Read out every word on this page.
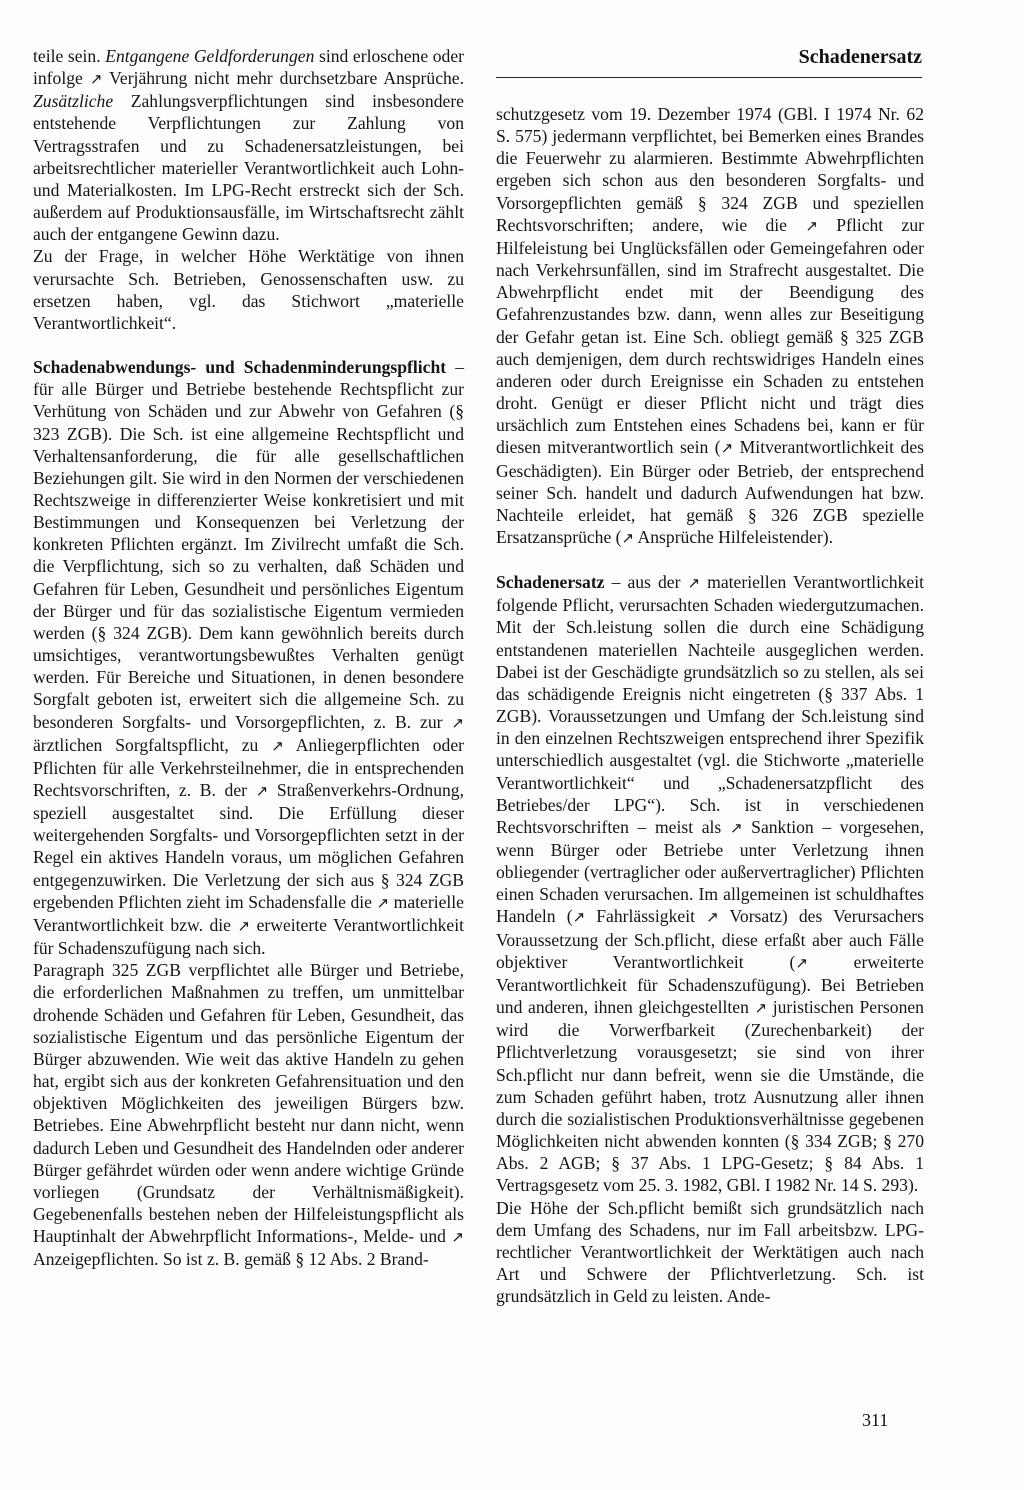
Schadenersatz

teile sein. Entgangene Geldforderungen sind erloschene oder infolge ↗ Verjährung nicht mehr durchsetzbare Ansprüche. Zusätzliche Zahlungsverpflichtungen sind insbesondere entstehende Verpflichtungen zur Zahlung von Vertragsstrafen und zu Schadenersatzleistungen, bei arbeitsrechtlicher materieller Verantwortlichkeit auch Lohn- und Materialkosten. Im LPG-Recht erstreckt sich der Sch. außerdem auf Produktionsausfälle, im Wirtschaftsrecht zählt auch der entgangene Gewinn dazu.

Zu der Frage, in welcher Höhe Werktätige von ihnen verursachte Sch. Betrieben, Genossenschaften usw. zu ersetzen haben, vgl. das Stichwort „materielle Verantwortlichkeit“.

Schadenabwendungs- und Schadenminderungspflicht – für alle Bürger und Betriebe bestehende Rechtspflicht zur Verhütung von Schäden und zur Abwehr von Gefahren (§ 323 ZGB). Die Sch. ist eine allgemeine Rechtspflicht und Verhaltensanforderung, die für alle gesellschaftlichen Beziehungen gilt. Sie wird in den Normen der verschiedenen Rechtszweige in differenzierter Weise konkretisiert und mit Bestimmungen und Konsequenzen bei Verletzung der konkreten Pflichten ergänzt. Im Zivilrecht umfaßt die Sch. die Verpflichtung, sich so zu verhalten, daß Schäden und Gefahren für Leben, Gesundheit und persönliches Eigentum der Bürger und für das sozialistische Eigentum vermieden werden (§ 324 ZGB). Dem kann gewöhnlich bereits durch umsichtiges, verantwortungsbewußtes Verhalten genügt werden. Für Bereiche und Situationen, in denen besondere Sorgfalt geboten ist, erweitert sich die allgemeine Sch. zu besonderen Sorgfalts- und Vorsorgepflichten, z. B. zur ↗ ärztlichen Sorgfaltspflicht, zu ↗ Anliegerpflichten oder Pflichten für alle Verkehrsteilnehmer, die in entsprechenden Rechtsvorschriften, z. B. der ↗ Straßenverkehrs-Ordnung, speziell ausgestaltet sind. Die Erfüllung dieser weitergehenden Sorgfalts- und Vorsorgepflichten setzt in der Regel ein aktives Handeln voraus, um möglichen Gefahren entgegenzuwirken. Die Verletzung der sich aus § 324 ZGB ergebenden Pflichten zieht im Schadensfalle die ↗ materielle Verantwortlichkeit bzw. die ↗ erweiterte Verantwortlichkeit für Schadenszufügung nach sich.

Paragraph 325 ZGB verpflichtet alle Bürger und Betriebe, die erforderlichen Maßnahmen zu treffen, um unmittelbar drohende Schäden und Gefahren für Leben, Gesundheit, das sozialistische Eigentum und das persönliche Eigentum der Bürger abzuwenden. Wie weit das aktive Handeln zu gehen hat, ergibt sich aus der konkreten Gefahrensituation und den objektiven Möglichkeiten des jeweiligen Bürgers bzw. Betriebes. Eine Abwehrpflicht besteht nur dann nicht, wenn dadurch Leben und Gesundheit des Handelnden oder anderer Bürger gefährdet würden oder wenn andere wichtige Gründe vorliegen (Grundsatz der Verhältnismäßigkeit). Gegebenenfalls bestehen neben der Hilfeleistungspflicht als Hauptinhalt der Abwehrpflicht Informations-, Melde- und ↗ Anzeigepflichten. So ist z. B. gemäß § 12 Abs. 2 Brand-

schutzgesetz vom 19. Dezember 1974 (GBl. I 1974 Nr. 62 S. 575) jedermann verpflichtet, bei Bemerken eines Brandes die Feuerwehr zu alarmieren. Bestimmte Abwehrpflichten ergeben sich schon aus den besonderen Sorgfalts- und Vorsorgepflichten gemäß § 324 ZGB und speziellen Rechtsvorschriften; andere, wie die ↗ Pflicht zur Hilfeleistung bei Unglücksfällen oder Gemeingefahren oder nach Verkehrsunfällen, sind im Strafrecht ausgestaltet. Die Abwehrpflicht endet mit der Beendigung des Gefahrenzustandes bzw. dann, wenn alles zur Beseitigung der Gefahr getan ist. Eine Sch. obliegt gemäß § 325 ZGB auch demjenigen, dem durch rechtswidriges Handeln eines anderen oder durch Ereignisse ein Schaden zu entstehen droht. Genügt er dieser Pflicht nicht und trägt dies ursächlich zum Entstehen eines Schadens bei, kann er für diesen mitverantwortlich sein (↗ Mitverantwortlichkeit des Geschädigten). Ein Bürger oder Betrieb, der entsprechend seiner Sch. handelt und dadurch Aufwendungen hat bzw. Nachteile erleidet, hat gemäß § 326 ZGB spezielle Ersatzansprüche (↗ Ansprüche Hilfeleistender).

Schadenersatz – aus der ↗ materiellen Verantwortlichkeit folgende Pflicht, verursachten Schaden wiedergutzumachen. Mit der Sch.leistung sollen die durch eine Schädigung entstandenen materiellen Nachteile ausgeglichen werden. Dabei ist der Geschädigte grundsätzlich so zu stellen, als sei das schädigende Ereignis nicht eingetreten (§ 337 Abs. 1 ZGB). Voraussetzungen und Umfang der Sch.leistung sind in den einzelnen Rechtszweigen entsprechend ihrer Spezifik unterschiedlich ausgestaltet (vgl. die Stichworte „materielle Verantwortlichkeit“ und „Schadenersatzpflicht des Betriebes/der LPG“). Sch. ist in verschiedenen Rechtsvorschriften – meist als ↗ Sanktion – vorgesehen, wenn Bürger oder Betriebe unter Verletzung ihnen obliegender (vertraglicher oder außervertraglicher) Pflichten einen Schaden verursachen. Im allgemeinen ist schuldhaftes Handeln (↗ Fahrlässigkeit ↗ Vorsatz) des Verursachers Voraussetzung der Sch.pflicht, diese erfaßt aber auch Fälle objektiver Verantwortlichkeit (↗ erweiterte Verantwortlichkeit für Schadenszufügung). Bei Betrieben und anderen, ihnen gleichgestellten ↗ juristischen Personen wird die Vorwerfbarkeit (Zurechenbarkeit) der Pflichtverletzung vorausgesetzt; sie sind von ihrer Sch.pflicht nur dann befreit, wenn sie die Umstände, die zum Schaden geführt haben, trotz Ausnutzung aller ihnen durch die sozialistischen Produktionsverhältnisse gegebenen Möglichkeiten nicht abwenden konnten (§ 334 ZGB; § 270 Abs. 2 AGB; § 37 Abs. 1 LPG-Gesetz; § 84 Abs. 1 Vertragsgesetz vom 25. 3. 1982, GBl. I 1982 Nr. 14 S. 293).

Die Höhe der Sch.pflicht bemißt sich grundsätzlich nach dem Umfang des Schadens, nur im Fall arbeitsbzw. LPG-rechtlicher Verantwortlichkeit der Werktätigen auch nach Art und Schwere der Pflichtverletzung. Sch. ist grundsätzlich in Geld zu leisten. Ande-

311
